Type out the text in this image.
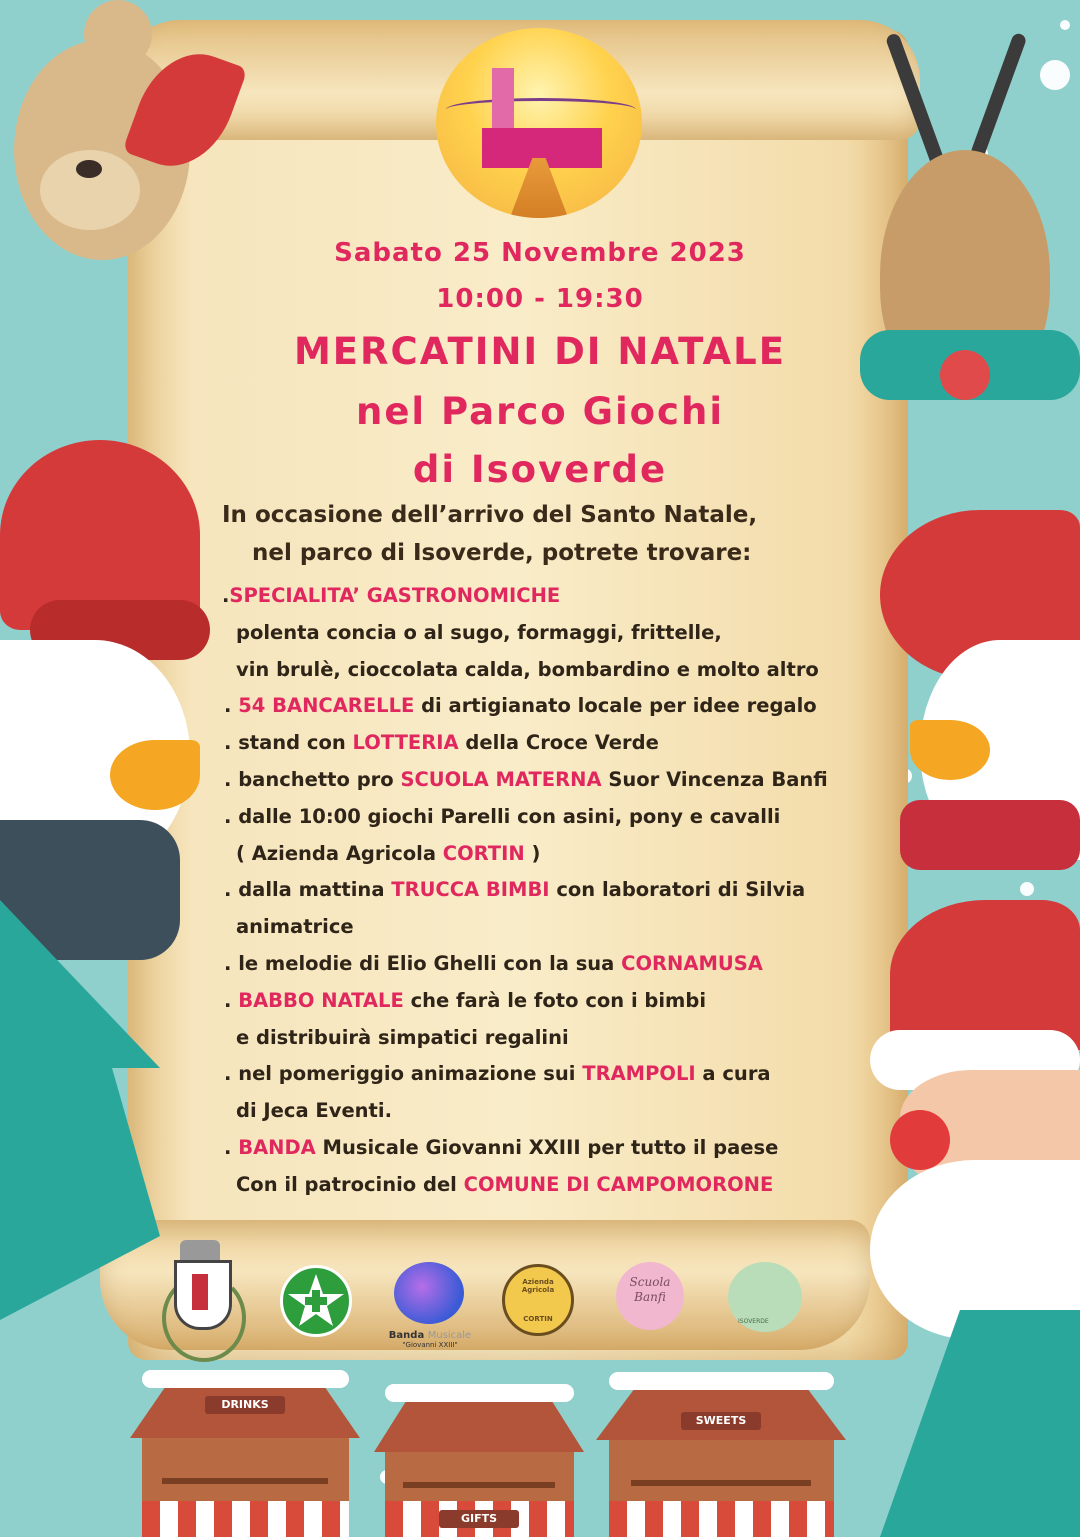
Sabato 25 Novembre 2023
10:00 - 19:30
MERCATINI DI NATALE
nel Parco Giochi
di Isoverde
In occasione dell’arrivo del Santo Natale,
nel parco di Isoverde, potrete trovare:
.SPECIALITA’ GASTRONOMICHE
polenta concia o al sugo, formaggi, frittelle,
vin brulè, cioccolata calda, bombardino e molto altro
. 54 BANCARELLE di artigianato locale per idee regalo
. stand con LOTTERIA della Croce Verde
. banchetto pro SCUOLA MATERNA Suor Vincenza Banfi
. dalle 10:00 giochi Parelli con asini, pony e cavalli
( Azienda Agricola CORTIN )
. dalla mattina TRUCCA BIMBI con laboratori di Silvia
animatrice
. le melodie di Elio Ghelli con la sua CORNAMUSA
. BABBO NATALE che farà le foto con i bimbi
e distribuirà simpatici regalini
. nel pomeriggio animazione sui TRAMPOLI a cura
di Jeca Eventi.
. BANDA Musicale Giovanni XXIII per tutto il paese
Con il patrocinio del COMUNE DI CAMPOMORONE
Banda Musicale
"Giovanni XXIII"
Azienda Agricola
CORTIN
Scuola
Banfi
ISOVERDE
DRINKS
GIFTS
SWEETS
